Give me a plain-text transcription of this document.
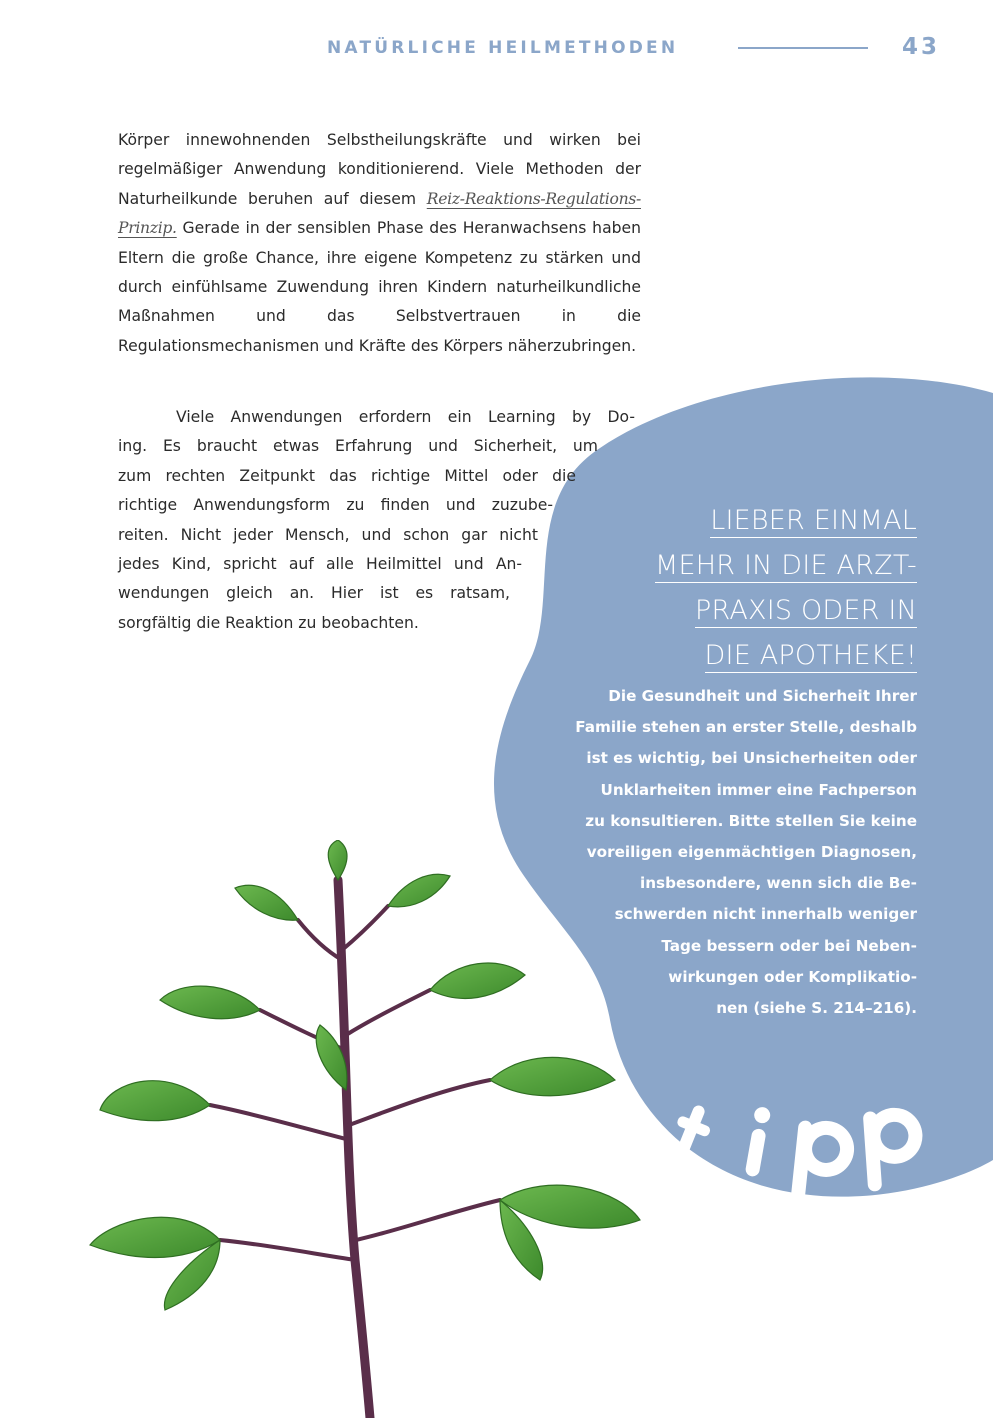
NATÜRLICHE HEILMETHODEN	43
Körper innewohnenden Selbstheilungskräfte und wirken bei regelmäßiger Anwendung konditionierend. Viele Methoden der Naturheilkunde beruhen auf diesem Reiz-Reaktions-Regulations-Prinzip. Gerade in der sensiblen Phase des Heranwachsens haben Eltern die große Chance, ihre eigene Kompetenz zu stärken und durch einfühlsame Zuwendung ihren Kindern naturheilkundliche Maßnahmen und das Selbstvertrauen in die Regulationsmechanismen und Kräfte des Körpers näherzubringen.
Viele Anwendungen erfordern ein Learning by Do-
ing. Es braucht etwas Erfahrung und Sicherheit, um
zum rechten Zeitpunkt das richtige Mittel oder die
richtige Anwendungsform zu finden und zuzube-
reiten. Nicht jeder Mensch, und schon gar nicht
jedes Kind, spricht auf alle Heilmittel und An-
wendungen gleich an. Hier ist es ratsam,
sorgfältig die Reaktion zu beobachten.
LIEBER EINMAL
MEHR IN DIE ARZT-
PRAXIS ODER IN
DIE APOTHEKE!
Die Gesundheit und Sicherheit Ihrer
Familie stehen an erster Stelle, deshalb
ist es wichtig, bei Unsicherheiten oder
Unklarheiten immer eine Fachperson
zu konsultieren. Bitte stellen Sie keine
voreiligen eigenmächtigen Diagnosen,
insbesondere, wenn sich die Be-
schwerden nicht innerhalb weniger
Tage bessern oder bei Neben-
wirkungen oder Komplikatio-
nen (siehe S. 214–216).
